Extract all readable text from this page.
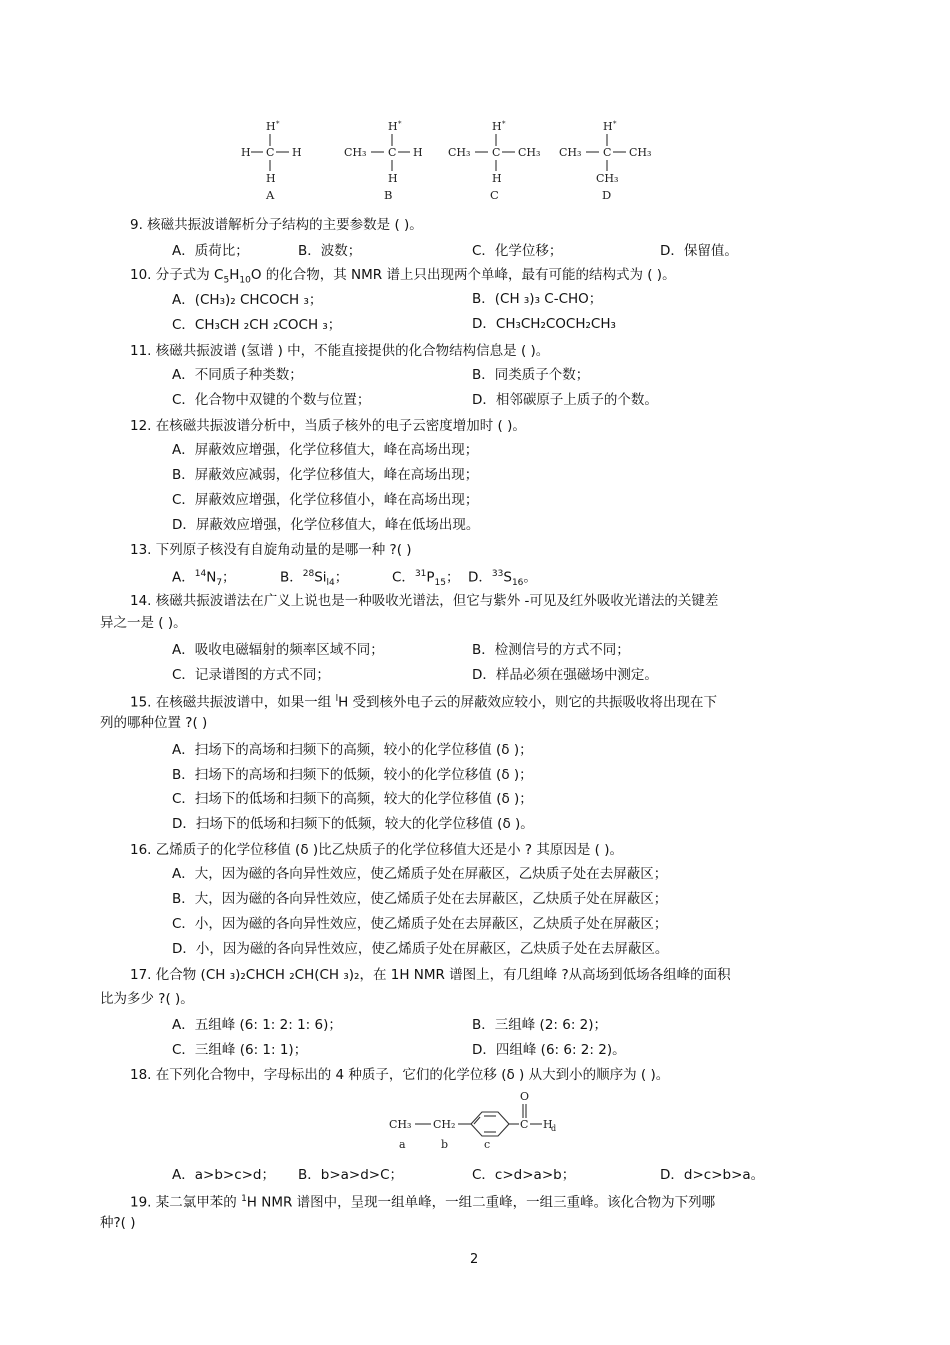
H *
H C H
H
A
H *
CH₃ C H
H
B
H *
CH₃ C CH₃
H
C
H *
CH₃ C CH₃
CH₃
D
9. 核磁共振波谱解析分子结构的主要参数是 ( )。
A．质荷比；	B．波数；	C．化学位移；	D．保留值。
10. 分子式为 $C_5H_{10}O$ 的化合物，其 NMR 谱上只出现两个单峰，最有可能的结构式为 ( )。
A．(CH₃)₂ CHCOCH ₃；	B．(CH ₃)₃ C-CHO；
C．CH₃CH ₂CH ₂COCH ₃；	D．CH₃CH₂COCH₂CH₃
11. 核磁共振波谱 (氢谱 ) 中，不能直接提供的化合物结构信息是 ( )。
A．不同质子种类数；	B．同类质子个数；
C．化合物中双键的个数与位置；	D．相邻碳原子上质子的个数。
12. 在核磁共振波谱分析中，当质子核外的电子云密度增加时 ( )。
A．屏蔽效应增强，化学位移值大，峰在高场出现；
B．屏蔽效应减弱，化学位移值大，峰在高场出现；
C．屏蔽效应增强，化学位移值小，峰在高场出现；
D．屏蔽效应增强，化学位移值大，峰在低场出现。
13. 下列原子核没有自旋角动量的是哪一种 ?( )
A．$^{14}N_7$；	B．$^{28}Si_{l4}$；	C．$^{31}P_{15}$； D．$^{33}S_{16}$。
14. 核磁共振波谱法在广义上说也是一种吸收光谱法，但它与紫外 -可见及红外吸收光谱法的关键差
异之一是 ( )。
A．吸收电磁辐射的频率区域不同；	B．检测信号的方式不同；
C．记录谱图的方式不同；	D．样品必须在强磁场中测定。
15. 在核磁共振波谱中，如果一组 $^l$H 受到核外电子云的屏蔽效应较小，则它的共振吸收将出现在下
列的哪种位置 ?( )
A．扫场下的高场和扫频下的高频，较小的化学位移值 (δ )；
B．扫场下的高场和扫频下的低频，较小的化学位移值 (δ )；
C．扫场下的低场和扫频下的高频，较大的化学位移值 (δ )；
D．扫场下的低场和扫频下的低频，较大的化学位移值 (δ )。
16. 乙烯质子的化学位移值 (δ )比乙炔质子的化学位移值大还是小 ? 其原因是 ( )。
A．大，因为磁的各向异性效应，使乙烯质子处在屏蔽区，乙炔质子处在去屏蔽区；
B．大，因为磁的各向异性效应，使乙烯质子处在去屏蔽区，乙炔质子处在屏蔽区；
C．小，因为磁的各向异性效应，使乙烯质子处在去屏蔽区，乙炔质子处在屏蔽区；
D．小，因为磁的各向异性效应，使乙烯质子处在屏蔽区，乙炔质子处在去屏蔽区。
17. 化合物 (CH ₃)₂CHCH ₂CH(CH ₃)₂，在 1H NMR 谱图上，有几组峰 ?从高场到低场各组峰的面积
比为多少 ?( )。
A．五组峰 (6: 1: 2: 1: 6)；	B．三组峰 (2: 6: 2)；
C．三组峰 (6: 1: 1)；	D．四组峰 (6: 6: 2: 2)。
18. 在下列化合物中，字母标出的 4 种质子，它们的化学位移 (δ ) 从大到小的顺序为 ( )。
CH₃ CH₂	C
O
H
d
a	b	c
A．a>b>c>d； B．b>a>d>C；	C．c>d>a>b；	D．d>c>b>a。
19. 某二氯甲苯的 $^1$H NMR 谱图中，呈现一组单峰，一组二重峰，一组三重峰。该化合物为下列哪
种?( )
2
